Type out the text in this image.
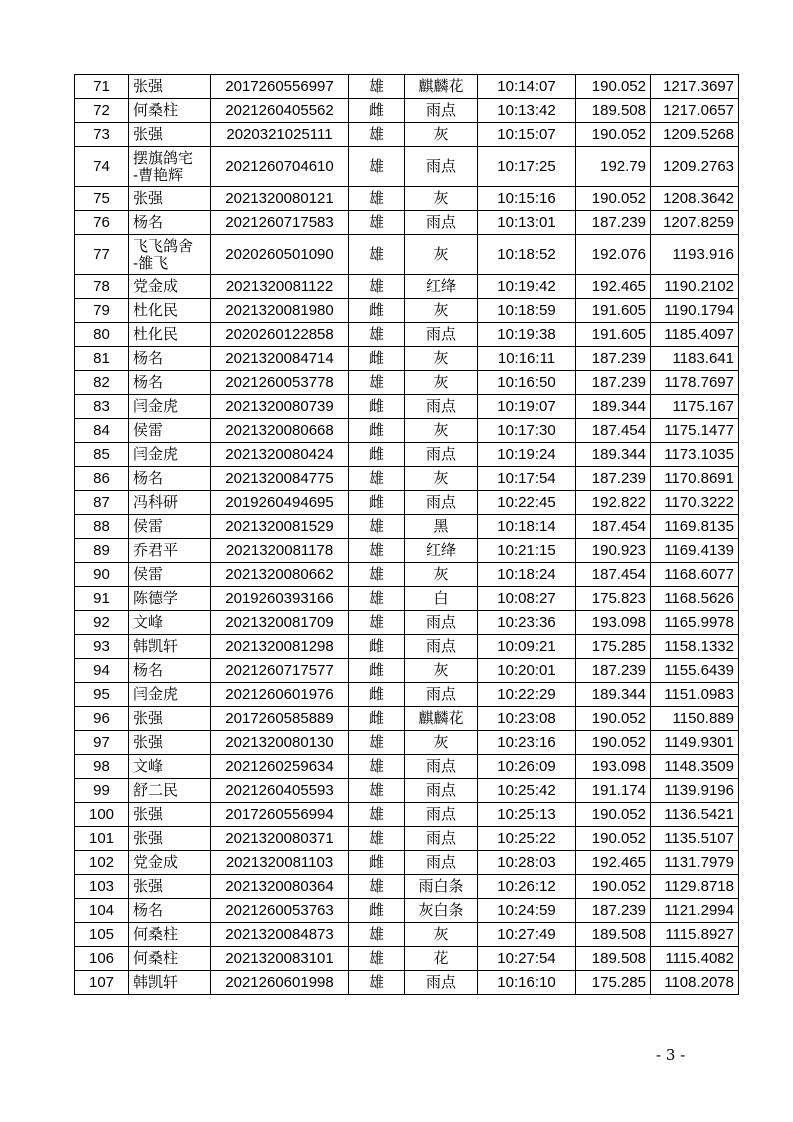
71	张强	2017260556997	雄	麒麟花	10:14:07	190.052	1217.3697
72	何桑柱	2021260405562	雌	雨点	10:13:42	189.508	1217.0657
73	张强	2020321025111	雄	灰	10:15:07	190.052	1209.5268
74	摆旗鸽宅
-曹艳辉	2021260704610	雄	雨点	10:17:25	192.79	1209.2763
75	张强	2021320080121	雄	灰	10:15:16	190.052	1208.3642
76	杨名	2021260717583	雄	雨点	10:13:01	187.239	1207.8259
77	飞飞鸽舍
-雒飞	2020260501090	雄	灰	10:18:52	192.076	1193.916
78	党金成	2021320081122	雄	红绛	10:19:42	192.465	1190.2102
79	杜化民	2021320081980	雌	灰	10:18:59	191.605	1190.1794
80	杜化民	2020260122858	雄	雨点	10:19:38	191.605	1185.4097
81	杨名	2021320084714	雌	灰	10:16:11	187.239	1183.641
82	杨名	2021260053778	雄	灰	10:16:50	187.239	1178.7697
83	闫金虎	2021320080739	雌	雨点	10:19:07	189.344	1175.167
84	侯雷	2021320080668	雌	灰	10:17:30	187.454	1175.1477
85	闫金虎	2021320080424	雌	雨点	10:19:24	189.344	1173.1035
86	杨名	2021320084775	雄	灰	10:17:54	187.239	1170.8691
87	冯科研	2019260494695	雌	雨点	10:22:45	192.822	1170.3222
88	侯雷	2021320081529	雄	黑	10:18:14	187.454	1169.8135
89	乔君平	2021320081178	雄	红绛	10:21:15	190.923	1169.4139
90	侯雷	2021320080662	雄	灰	10:18:24	187.454	1168.6077
91	陈德学	2019260393166	雄	白	10:08:27	175.823	1168.5626
92	文峰	2021320081709	雄	雨点	10:23:36	193.098	1165.9978
93	韩凯轩	2021320081298	雌	雨点	10:09:21	175.285	1158.1332
94	杨名	2021260717577	雌	灰	10:20:01	187.239	1155.6439
95	闫金虎	2021260601976	雌	雨点	10:22:29	189.344	1151.0983
96	张强	2017260585889	雌	麒麟花	10:23:08	190.052	1150.889
97	张强	2021320080130	雄	灰	10:23:16	190.052	1149.9301
98	文峰	2021260259634	雄	雨点	10:26:09	193.098	1148.3509
99	舒二民	2021260405593	雄	雨点	10:25:42	191.174	1139.9196
100	张强	2017260556994	雄	雨点	10:25:13	190.052	1136.5421
101	张强	2021320080371	雄	雨点	10:25:22	190.052	1135.5107
102	党金成	2021320081103	雌	雨点	10:28:03	192.465	1131.7979
103	张强	2021320080364	雄	雨白条	10:26:12	190.052	1129.8718
104	杨名	2021260053763	雌	灰白条	10:24:59	187.239	1121.2994
105	何桑柱	2021320084873	雄	灰	10:27:49	189.508	1115.8927
106	何桑柱	2021320083101	雄	花	10:27:54	189.508	1115.4082
107	韩凯轩	2021260601998	雄	雨点	10:16:10	175.285	1108.2078
- 3 -
